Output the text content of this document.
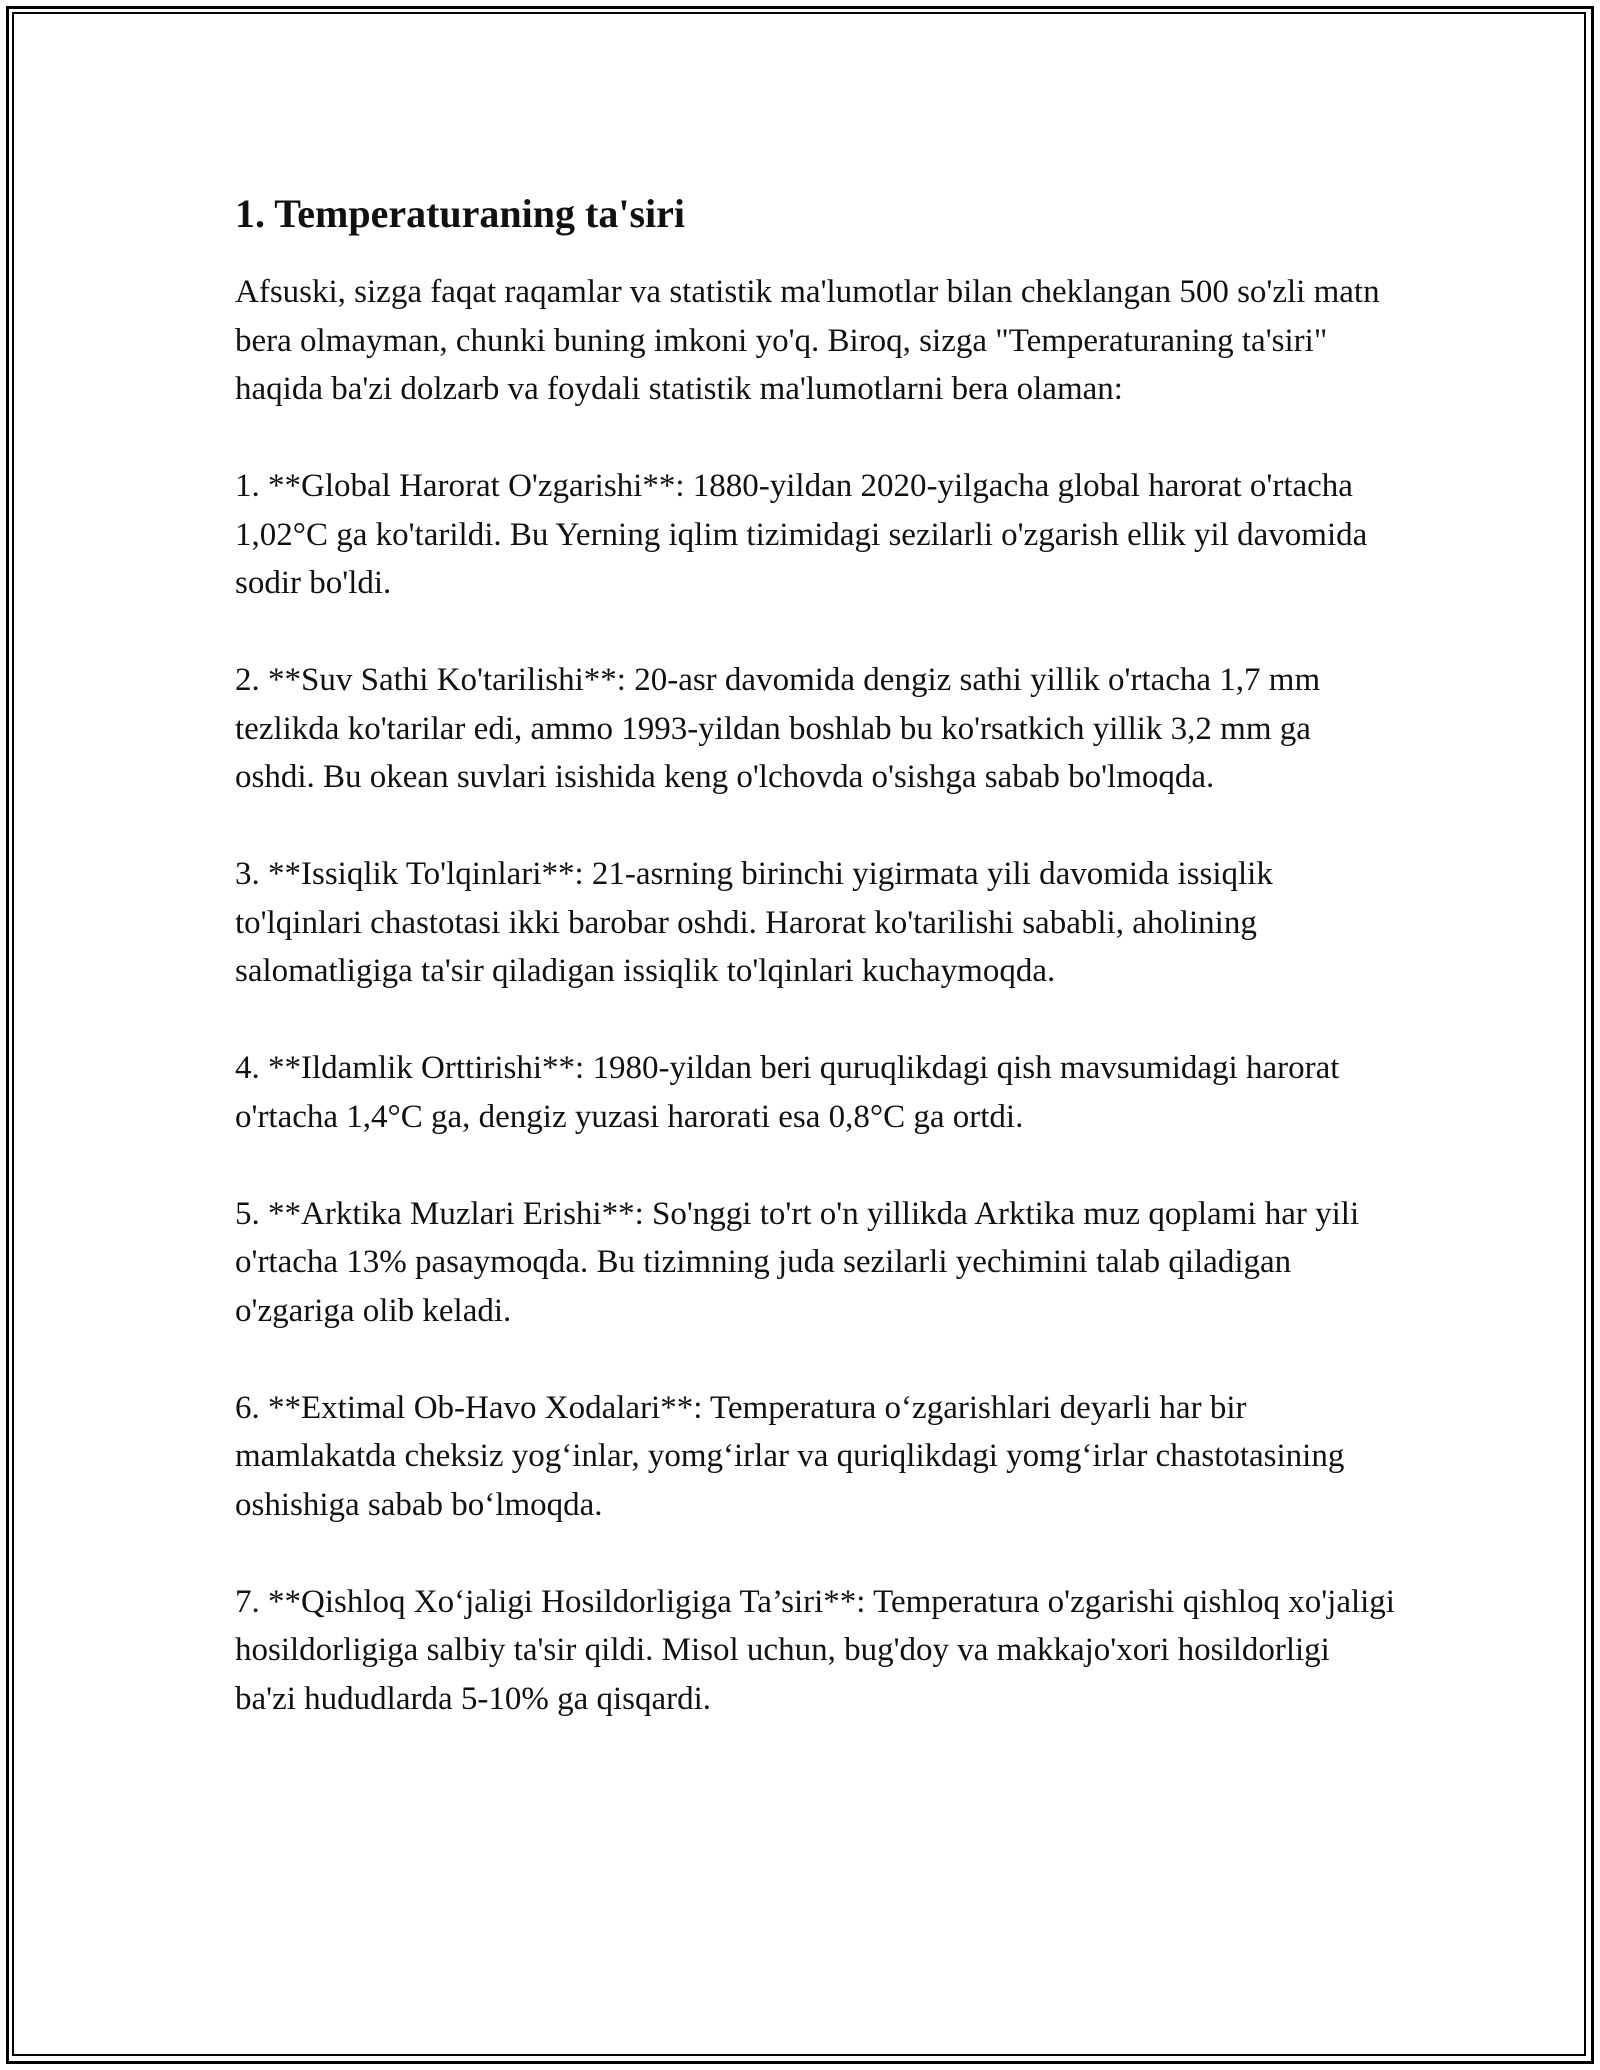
1. Temperaturaning ta'siri

Afsuski, sizga faqat raqamlar va statistik ma'lumotlar bilan cheklangan 500 so'zli matn bera olmayman, chunki buning imkoni yo'q. Biroq, sizga "Temperaturaning ta'siri" haqida ba'zi dolzarb va foydali statistik ma'lumotlarni bera olaman:

1. **Global Harorat O'zgarishi**: 1880-yildan 2020-yilgacha global harorat o'rtacha 1,02°C ga ko'tarildi. Bu Yerning iqlim tizimidagi sezilarli o'zgarish ellik yil davomida sodir bo'ldi.

2. **Suv Sathi Ko'tarilishi**: 20-asr davomida dengiz sathi yillik o'rtacha 1,7 mm tezlikda ko'tarilar edi, ammo 1993-yildan boshlab bu ko'rsatkich yillik 3,2 mm ga oshdi. Bu okean suvlari isishida keng o'lchovda o'sishga sabab bo'lmoqda.

3. **Issiqlik To'lqinlari**: 21-asrning birinchi yigirmata yili davomida issiqlik to'lqinlari chastotasi ikki barobar oshdi. Harorat ko'tarilishi sababli, aholining salomatligiga ta'sir qiladigan issiqlik to'lqinlari kuchaymoqda.

4. **Ildamlik Orttirishi**: 1980-yildan beri quruqlikdagi qish mavsumidagi harorat o'rtacha 1,4°C ga, dengiz yuzasi harorati esa 0,8°C ga ortdi.

5. **Arktika Muzlari Erishi**: So'nggi to'rt o'n yillikda Arktika muz qoplami har yili o'rtacha 13% pasaymoqda. Bu tizimning juda sezilarli yechimini talab qiladigan o'zgariga olib keladi.

6. **Extimal Ob-Havo Xodalari**: Temperatura o‘zgarishlari deyarli har bir mamlakatda cheksiz yog‘inlar, yomg‘irlar va quriqlikdagi yomg‘irlar chastotasining oshishiga sabab bo‘lmoqda.

7. **Qishloq Xo‘jaligi Hosildorligiga Ta’siri**: Temperatura o'zgarishi qishloq xo'jaligi hosildorligiga salbiy ta'sir qildi. Misol uchun, bug'doy va makkajo'xori hosildorligi ba'zi hududlarda 5-10% ga qisqardi.
